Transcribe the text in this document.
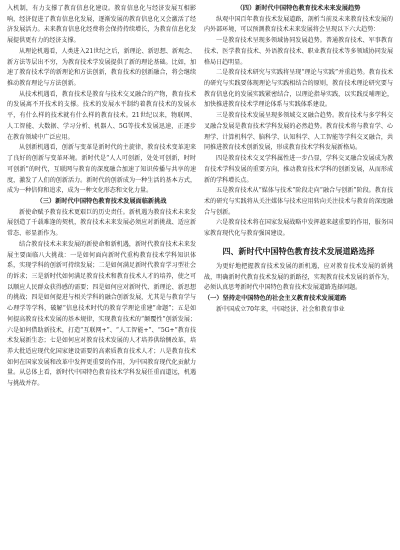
入机制，有力支撑了教育信息化建设。教育信息化与经济发展互相影响，经济促进了教育信息化发展，逐渐发展的教育信息化又会激活了经济发展活力。未来教育信息化经费将会保持持续增长，为教育信息化发展提供更有力的经济支撑。

从理论机遇看，人类进入21世纪之后，新理论、新思想、新观念、新方法等层出不穷，为教育技术学发展提供了新的理论基础。比如，加速了教育技术学的新理论和方法创新，教育技术的创新融合，将会继续推动教育理论与方法创新。

从技术机遇看，教育技术是教育与技术交叉融合的产物，教育技术的发展离不开技术的支撑。技术的发展水平制约着教育技术的发展水平，有什么样的技术就有什么样的教育技术。21世纪以来，物联网、人工智能、大数据、学习分析、机器人、5G等技术发展迅速，正逐步在教育领域中广泛应用。

从创新机遇看，创新与变革是新时代的主旋律，教育技术变革迎来了良好的创新与变革环境。新时代是“人人可创新，处处可创新，时时可创新”的时代，互联网与教育的深度融合加速了知识传播与共享的速度，激发了人们的创新活力。新时代的创新成为一种生活的基本方式，成为一种信仰和追求，成为一种文化形态和文化力量。

（三）新时代中国特色教育技术发展面临新挑战

新使命赋予教育技术更艰巨的历史责任。新机遇为教育技术未来发展创造了千载难逢的契机，教育技术未来发展必须应对新挑战、适应新常态、彰显新作为。

结合教育技术未来发展的新使命和新机遇，新时代教育技术未来发展主要面临八大挑战：一是如何面向新时代重构教育技术学科知识体系，实现学科的创新可持续发展；二是如何满足新时代教育学习型社会的诉求；三是新时代如何满足教育技术和教育技术人才的培养，使之可以顺应人民群众获得感的需要；四是如何应对新时代、新理论、新思想的挑战；四是如何提进与相关学科的融合创新发展，尤其是与教育学与心理学等学科，破解“信息技术时代的教育学理论重建”命题”；五是如何提高教育技术发展的基本规律，实现教育技术的“颠覆性”创新发展；六是如何借助新技术，打造“互联网+”、“人工智能+”、“5G+”教育技术发展新生态；七是如何应对教育技术发展的人才培养供给侧改革，培养大批适应现代化国家建设需要的高素质教育技术人才；八是教育技术如何在国家发展和改革中发挥更重要的作用，为中国教育现代化贡献力量。从总体上看，新时代中国特色教育技术学科发展任重而道远，机遇与挑战并存。

（四）新时代中国特色教育技术未来发展趋势

纵观中国百年教育技术发展道路，剖析当前及未来教育技术发展的内外部环境，可以预测教育技术未来发展将会呈现以下六大趋势：

一是教育技术呈现多领域协同发展趋势。普通教育技术、军事教育技术、医学教育技术、外语教育技术、职业教育技术等多领域协同发展格局日趋明显。

二是教育技术研究与实践将呈现“理论与实践”并重趋势。教育技术的研究与实践要体现理论与实践相结合的原则，教育技术理论研究要与教育信息化的发展实践紧密结合，以理论指导实践，以实践反哺理论，加快推进教育技术学理论体系与实践体系建设。

三是教育技术发展呈现多领域交叉融合趋势。教育技术与多学科交叉融合发展是教育技术学科发展的必然趋势。教育技术将与教育学、心理学、计算机科学、脑科学、认知科学、人工智能等学科交叉融合，共同推进教育技术创新发展，形成教育技术学科发展新格局。

四是教育技术交叉学科属性进一步凸显，学科交叉融合发展成为教育技术学科发展的重要方向，推动教育技术学科的创新发展，从而形成新的学科增长点。

五是教育技术从“媒体与技术”阶段走向“融合与创新”阶段。教育技术的研究与实践将从关注媒体与技术应用转向关注技术与教育的深度融合与创新。

六是教育技术将在国家发展战略中发挥越来越重要的作用，服务国家教育现代化与教育强国建设。

四、新时代中国特色教育技术发展道路选择

为更好地把握教育技术发展的新机遇，应对教育技术发展的新挑战，明确新时代教育技术发展的新路径，实现教育技术发展的新作为，必须认真思考新时代中国特色教育技术发展道路选择问题。

（一）坚持走中国特色的社会主义教育技术发展道路

新中国成立70年来，中国经济、社会和教育事业
